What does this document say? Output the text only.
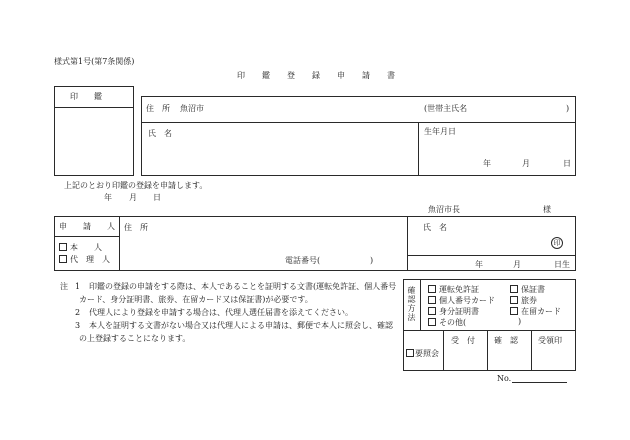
様式第1号(第7条関係)
印鑑登録申請書
印　　鑑
住　所 魚沼市	(世帯主氏名	)
氏　名	生年月日
年	月	日
上記のとおり印鑑の登録を申請します。
年 月 日
魚沼市長	様
申　請　人
本　　人
代　理　人
住　所
電話番号(	)
氏　名
印
年	月	日生
注 1 印鑑の登録の申請をする際は、本人であることを証明する文書(運転免許証、個人番号
カード、身分証明書、旅券、在留カード又は保証書)が必要です。
2 代理人により登録を申請する場合は、代理人選任届書を添えてください。
3 本人を証明する文書がない場合又は代理人による申請は、郵便で本人に照会し、確認
の上登録することになります。
確認方法	運転免許証	保証書
個人番号カード	旅券
身分証明書	在留カード
その他(	)
要照会
受　付 確　認	受領印
No.
